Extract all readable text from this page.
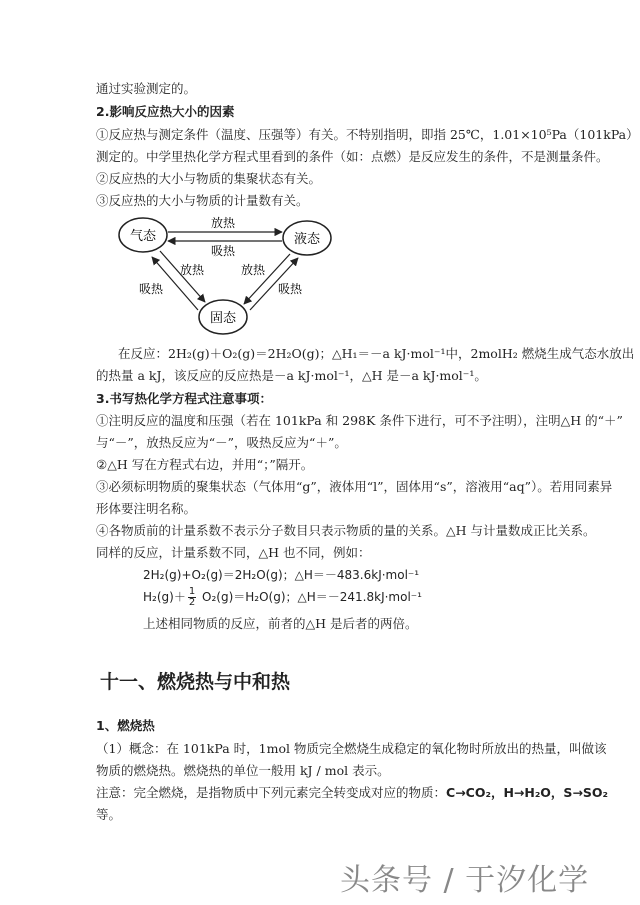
通过实验测定的。
2.影响反应热大小的因素
①反应热与测定条件（温度、压强等）有关。不特别指明，即指 25℃，1.01×10⁵Pa（101kPa）
测定的。中学里热化学方程式里看到的条件（如：点燃）是反应发生的条件，不是测量条件。
②反应热的大小与物质的集聚状态有关。
③反应热的大小与物质的计量数有关。
气态	液态
固态
放热
吸热
放热
吸热
放热
吸热
在反应：2H₂(g)＋O₂(g)＝2H₂O(g)；△H₁＝－a kJ·mol⁻¹中，2molH₂ 燃烧生成气态水放出
的热量 a kJ，该反应的反应热是－a kJ·mol⁻¹，△H 是－a kJ·mol⁻¹。
3.书写热化学方程式注意事项：
①注明反应的温度和压强（若在 101kPa 和 298K 条件下进行，可不予注明），注明△H 的“＋”
与“－”，放热反应为“－”，吸热反应为“＋”。
②△H 写在方程式右边，并用“；”隔开。
③必须标明物质的聚集状态（气体用“g”，液体用“l”，固体用“s”，溶液用“aq”）。若用同素异
形体要注明名称。
④各物质前的计量系数不表示分子数目只表示物质的量的关系。△H 与计量数成正比关系。
同样的反应，计量系数不同，△H 也不同，例如：
2H₂(g)+O₂(g)＝2H₂O(g)；△H＝－483.6kJ·mol⁻¹
$H_2(g)+ \frac{1}{2} O_2(g)=H_2O(g)$；△H＝－241.8kJ·mol⁻¹
上述相同物质的反应，前者的△H 是后者的两倍。
十一、燃烧热与中和热
1、燃烧热
（1）概念：在 101kPa 时，1mol 物质完全燃烧生成稳定的氧化物时所放出的热量，叫做该
物质的燃烧热。燃烧热的单位一般用 kJ / mol 表示。
注意：完全燃烧，是指物质中下列元素完全转变成对应的物质：C→CO₂，H→H₂O，S→SO₂
等。
头条号 / 于汐化学
